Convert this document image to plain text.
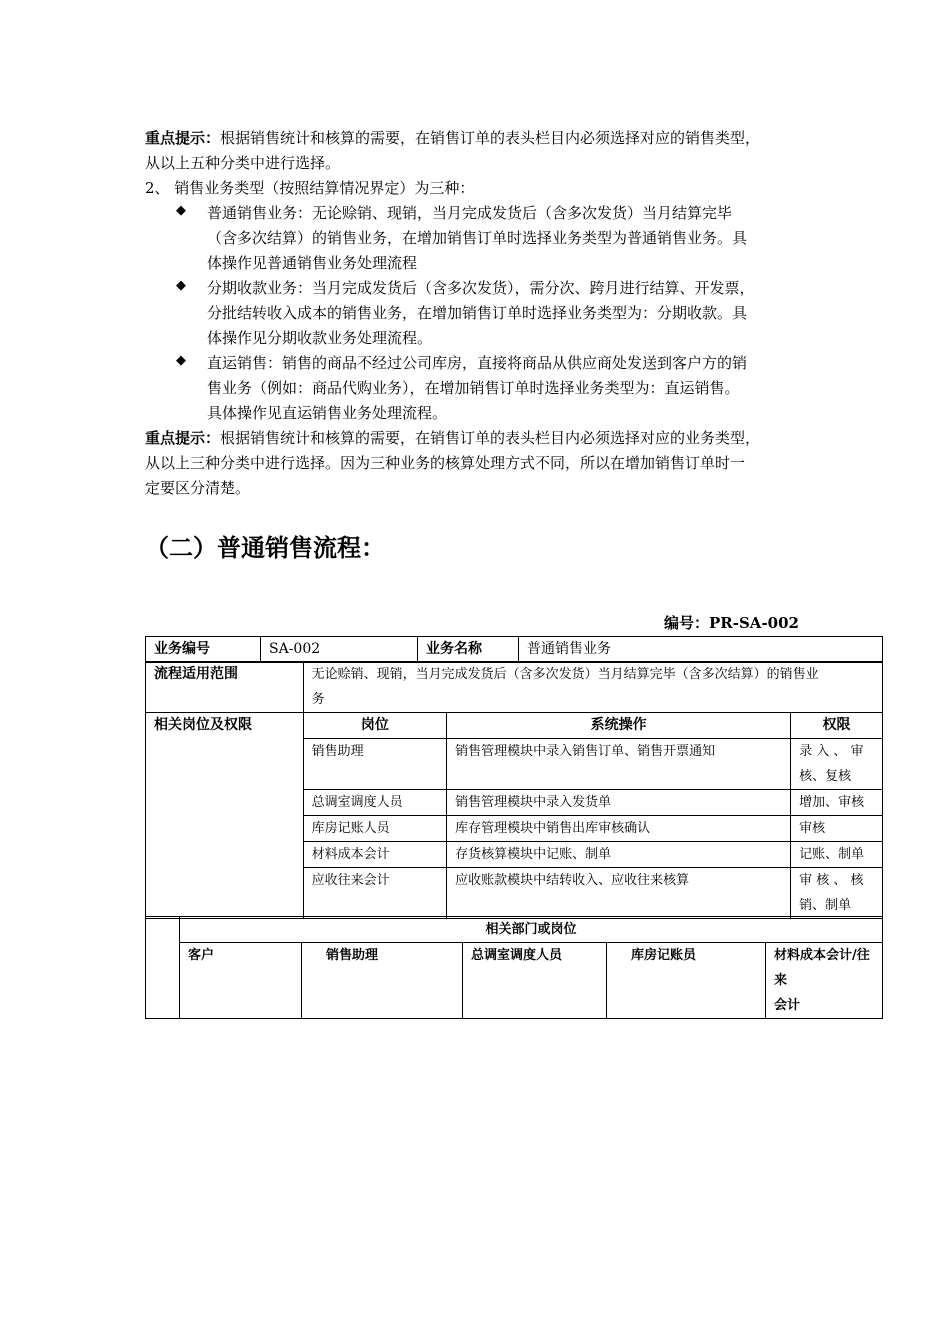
重点提示：根据销售统计和核算的需要，在销售订单的表头栏目内必须选择对应的销售类型，
从以上五种分类中进行选择。
2、 销售业务类型（按照结算情况界定）为三种：
◆ 普通销售业务：无论赊销、现销，当月完成发货后（含多次发货）当月结算完毕
（含多次结算）的销售业务，在增加销售订单时选择业务类型为普通销售业务。具
体操作见普通销售业务处理流程
◆ 分期收款业务：当月完成发货后（含多次发货），需分次、跨月进行结算、开发票，
分批结转收入成本的销售业务，在增加销售订单时选择业务类型为：分期收款。具
体操作见分期收款业务处理流程。
◆ 直运销售：销售的商品不经过公司库房，直接将商品从供应商处发送到客户方的销
售业务（例如：商品代购业务），在增加销售订单时选择业务类型为：直运销售。
具体操作见直运销售业务处理流程。
重点提示：根据销售统计和核算的需要，在销售订单的表头栏目内必须选择对应的业务类型，
从以上三种分类中进行选择。因为三种业务的核算处理方式不同，所以在增加销售订单时一
定要区分清楚。
（二）普通销售流程：
编号：PR-SA-002
业务编号	SA-002	业务名称	普通销售业务
流程适用范围	无论赊销、现销，当月完成发货后（含多次发货）当月结算完毕（含多次结算）的销售业
务		

相关岗位及权限	岗位	系统操作	权限
	销售助理	销售管理模块中录入销售订单、销售开票通知	录 入 、 审
核、复核

	总调室调度人员	销售管理模块中录入发货单	增加、审核
	库房记账人员	库存管理模块中销售出库审核确认	审核
	材料成本会计	存货核算模块中记账、制单	记账、制单
	应收往来会计	应收账款模块中结转收入、应收往来核算	审 核 、 核
销、制单
	相关部门或岗位				
	客户	销售助理	总调室调度人员	库房记账员	材料成本会计/往来
会计
